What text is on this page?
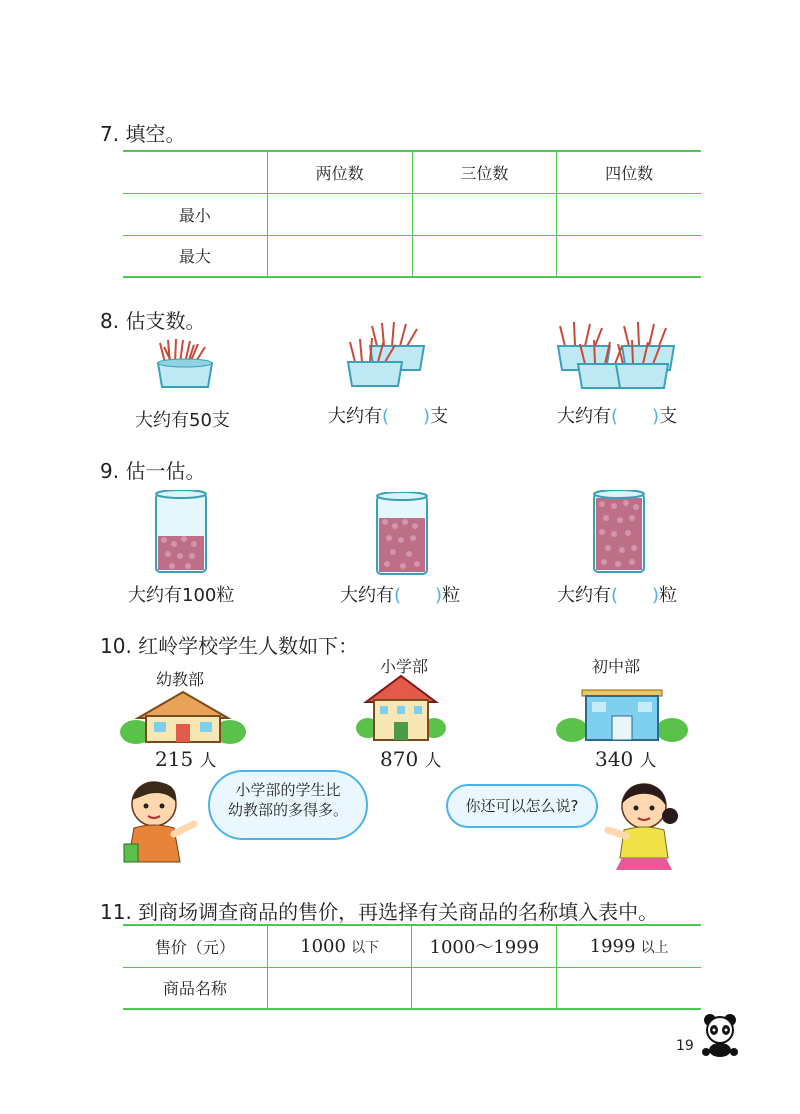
7. 填空。
	两位数	三位数	四位数
最小			
最大			
8. 估支数。
大约有50支	大约有( )支	大约有( )支
9. 估一估。
大约有100粒	大约有( )粒	大约有( )粒
10. 红岭学校学生人数如下：
幼教部
小学部	初中部
215 人	870 人	340 人
小学部的学生比
幼教部的多得多。	你还可以怎么说?
11. 到商场调查商品的售价，再选择有关商品的名称填入表中。
售价（元）	1000 以下	1000～1999	1999 以上
商品名称			
19
